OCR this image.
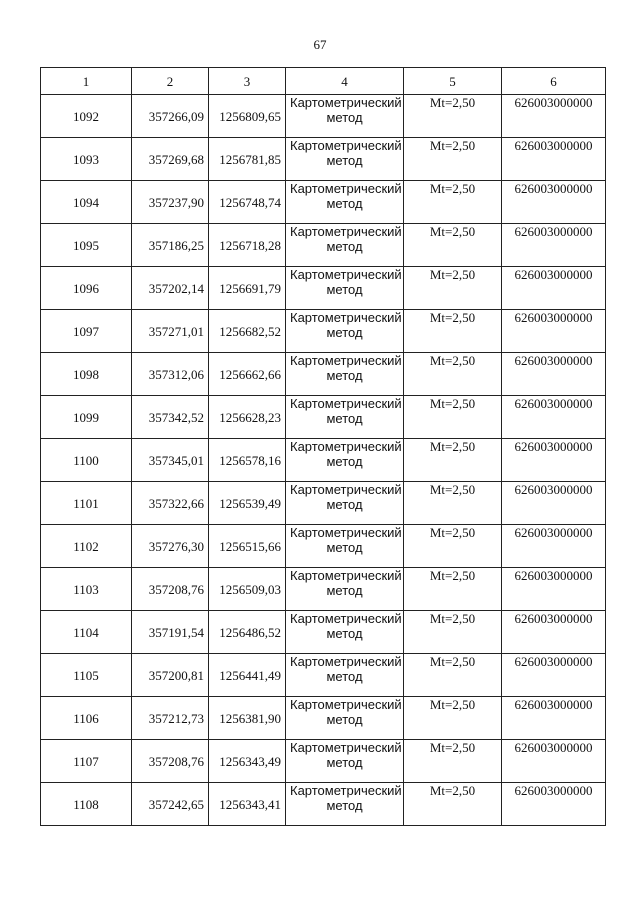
67
1	2	3	4	5	6
1092	357266,09	1256809,65	Картометрический метод	Mt=2,50	626003000000
1093	357269,68	1256781,85	Картометрический метод	Mt=2,50	626003000000
1094	357237,90	1256748,74	Картометрический метод	Mt=2,50	626003000000
1095	357186,25	1256718,28	Картометрический метод	Mt=2,50	626003000000
1096	357202,14	1256691,79	Картометрический метод	Mt=2,50	626003000000
1097	357271,01	1256682,52	Картометрический метод	Mt=2,50	626003000000
1098	357312,06	1256662,66	Картометрический метод	Mt=2,50	626003000000
1099	357342,52	1256628,23	Картометрический метод	Mt=2,50	626003000000
1100	357345,01	1256578,16	Картометрический метод	Mt=2,50	626003000000
1101	357322,66	1256539,49	Картометрический метод	Mt=2,50	626003000000
1102	357276,30	1256515,66	Картометрический метод	Mt=2,50	626003000000
1103	357208,76	1256509,03	Картометрический метод	Mt=2,50	626003000000
1104	357191,54	1256486,52	Картометрический метод	Mt=2,50	626003000000
1105	357200,81	1256441,49	Картометрический метод	Mt=2,50	626003000000
1106	357212,73	1256381,90	Картометрический метод	Mt=2,50	626003000000
1107	357208,76	1256343,49	Картометрический метод	Mt=2,50	626003000000
1108	357242,65	1256343,41	Картометрический метод	Mt=2,50	626003000000
